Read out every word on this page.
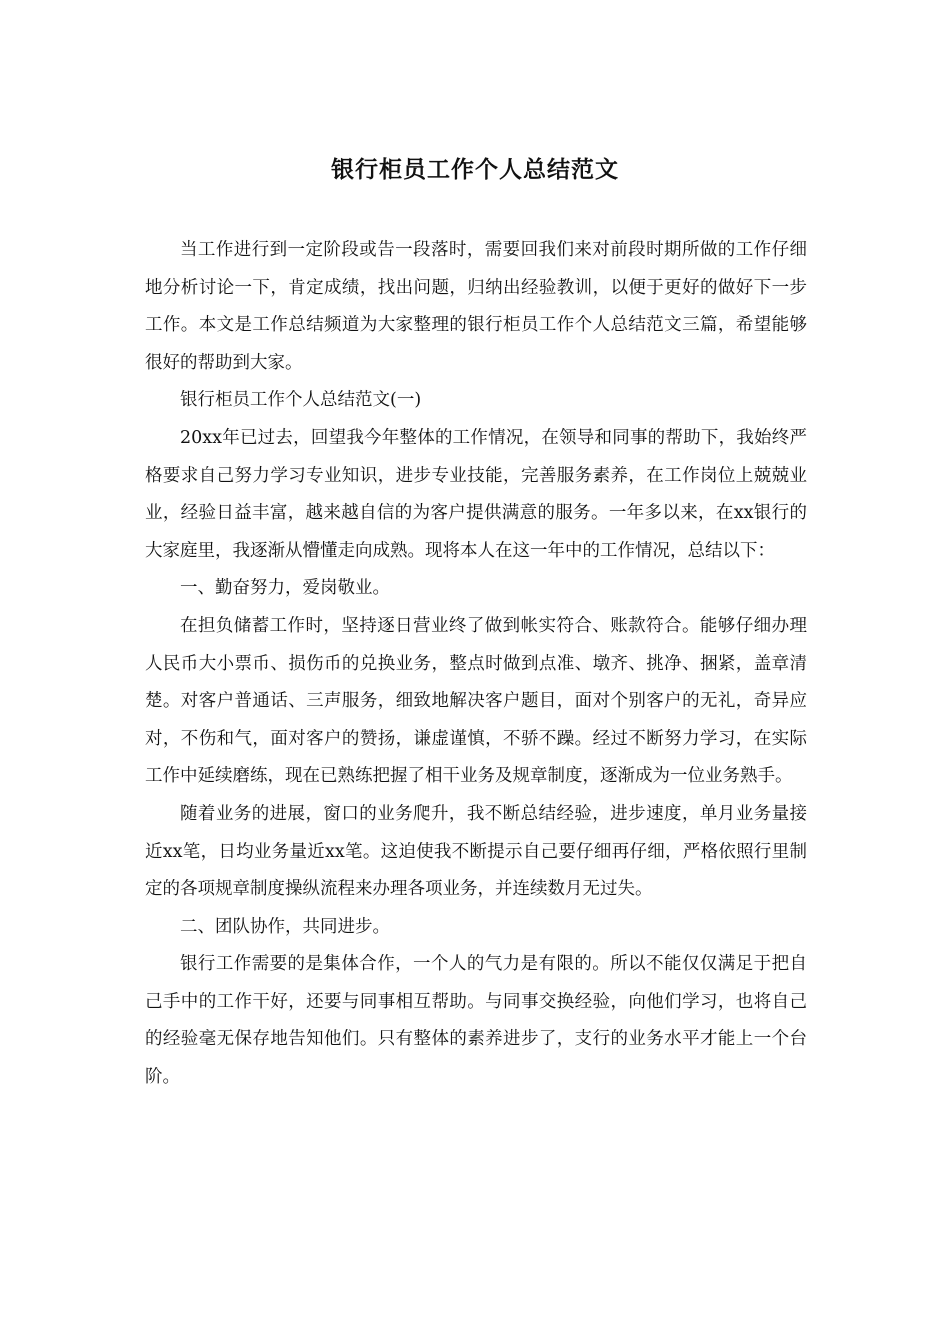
银行柜员工作个人总结范文

当工作进行到一定阶段或告一段落时，需要回我们来对前段时期所做的工作仔细地分析讨论一下，肯定成绩，找出问题，归纳出经验教训，以便于更好的做好下一步工作。本文是工作总结频道为大家整理的银行柜员工作个人总结范文三篇，希望能够很好的帮助到大家。

银行柜员工作个人总结范文(一)

20xx年已过去，回望我今年整体的工作情况，在领导和同事的帮助下，我始终严格要求自己努力学习专业知识，进步专业技能，完善服务素养，在工作岗位上兢兢业业，经验日益丰富，越来越自信的为客户提供满意的服务。一年多以来，在xx银行的大家庭里，我逐渐从懵懂走向成熟。现将本人在这一年中的工作情况，总结以下：

一、勤奋努力，爱岗敬业。

在担负储蓄工作时，坚持逐日营业终了做到帐实符合、账款符合。能够仔细办理人民币大小票币、损伤币的兑换业务，整点时做到点准、墩齐、挑净、捆紧，盖章清楚。对客户普通话、三声服务，细致地解决客户题目，面对个别客户的无礼，奇异应对，不伤和气，面对客户的赞扬，谦虚谨慎，不骄不躁。经过不断努力学习，在实际工作中延续磨练，现在已熟练把握了相干业务及规章制度，逐渐成为一位业务熟手。

随着业务的进展，窗口的业务爬升，我不断总结经验，进步速度，单月业务量接近xx笔，日均业务量近xx笔。这迫使我不断提示自己要仔细再仔细，严格依照行里制定的各项规章制度操纵流程来办理各项业务，并连续数月无过失。

二、团队协作，共同进步。

银行工作需要的是集体合作，一个人的气力是有限的。所以不能仅仅满足于把自己手中的工作干好，还要与同事相互帮助。与同事交换经验，向他们学习，也将自己的经验毫无保存地告知他们。只有整体的素养进步了，支行的业务水平才能上一个台阶。
